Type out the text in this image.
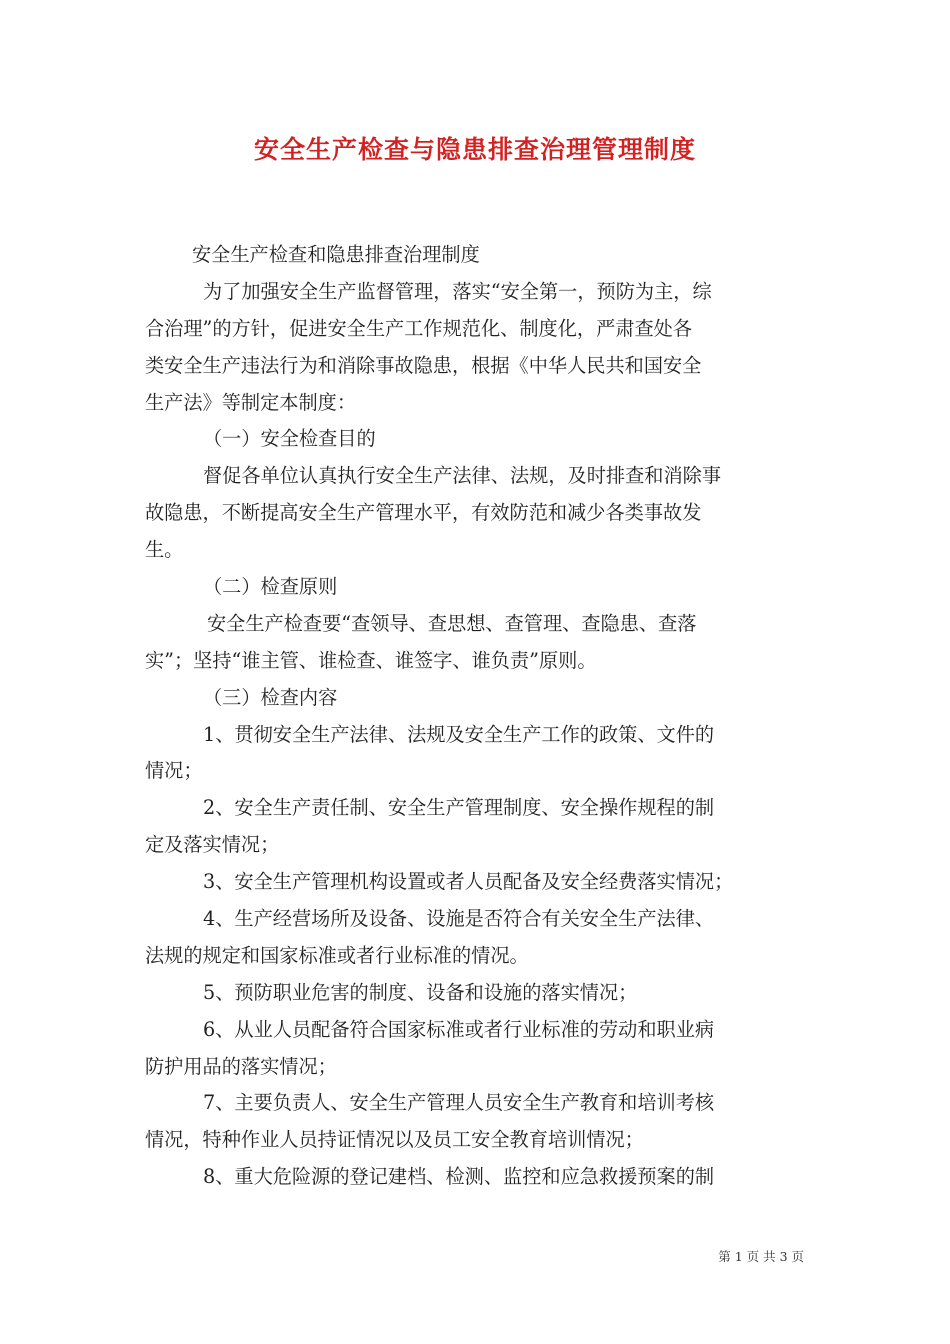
安全生产检查与隐患排查治理管理制度
安全生产检查和隐患排查治理制度
为了加强安全生产监督管理，落实“安全第一，预防为主，综
合治理”的方针，促进安全生产工作规范化、制度化，严肃查处各
类安全生产违法行为和消除事故隐患，根据《中华人民共和国安全
生产法》等制定本制度：
（一）安全检查目的
督促各单位认真执行安全生产法律、法规，及时排查和消除事
故隐患，不断提高安全生产管理水平，有效防范和减少各类事故发
生。
（二）检查原则
安全生产检查要“查领导、查思想、查管理、查隐患、查落
实”；坚持“谁主管、谁检查、谁签字、谁负责”原则。
（三）检查内容
1、贯彻安全生产法律、法规及安全生产工作的政策、文件的
情况；
2、安全生产责任制、安全生产管理制度、安全操作规程的制
定及落实情况；
3、安全生产管理机构设置或者人员配备及安全经费落实情况；
4、生产经营场所及设备、设施是否符合有关安全生产法律、
法规的规定和国家标准或者行业标准的情况。
5、预防职业危害的制度、设备和设施的落实情况；
6、从业人员配备符合国家标准或者行业标准的劳动和职业病
防护用品的落实情况；
7、主要负责人、安全生产管理人员安全生产教育和培训考核
情况，特种作业人员持证情况以及员工安全教育培训情况；
8、重大危险源的登记建档、检测、监控和应急救援预案的制
第 1 页 共 3 页
